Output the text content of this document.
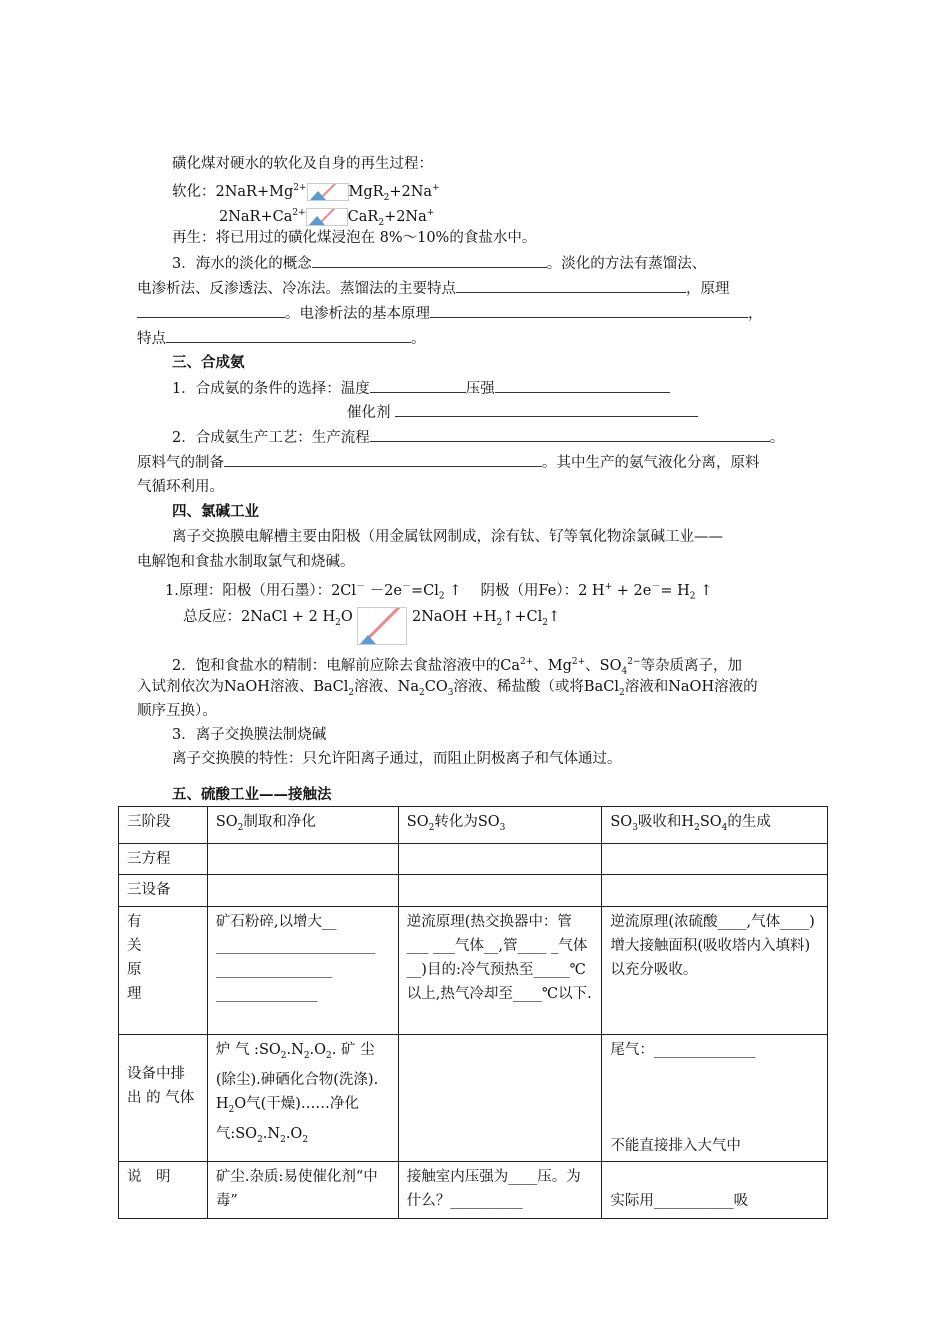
磺化煤对硬水的软化及自身的再生过程：
软化：$2NaR+Mg^{2+}$	MgR$_2$+2Na+
$2NaR+Ca^{2+}$	CaR$_2$+2Na+
再生：将已用过的磺化煤浸泡在 8%～10%的食盐水中。
3．海水的淡化的概念	。淡化的方法有蒸馏法、
电渗析法、反渗透法、冷冻法。蒸馏法的主要特点	，原理
。电渗析法的基本原理	，
特点	。
三、合成氨
1．合成氨的条件的选择：温度	压强
催化剂
2．合成氨生产工艺：生产流程	。
原料气的制备	。其中生产的氨气液化分离，原料
气循环利用。
四、氯碱工业
离子交换膜电解槽主要由阳极（用金属钛网制成，涂有钛、钌等氧化物涂氯碱工业——
电解饱和食盐水制取氯气和烧碱。
1.原理：阳极（用石墨）：$2Cl^- -2e^-=Cl_2$ ↑　 阴极（用Fe）：2 $H^+ + 2e^-= H_2$ ↑
总反应：2NaCl + 2 $H_2O$	2NaOH $+H_2↑+Cl_2↑$
2．饱和食盐水的精制：电解前应除去食盐溶液中的$Ca^{2+}$、$Mg^{2+}$、$SO_4^{2-}$等杂质离子，加
入试剂依次为NaOH溶液、BaCl$_2$溶液、$Na_2CO_3$溶液、稀盐酸（或将BaCl$_2$溶液和NaOH溶液的
顺序互换）。
3．离子交换膜法制烧碱
离子交换膜的特性：只允许阳离子通过，而阻止阴极离子和气体通过。
五、硫酸工业——接触法
三阶段	$SO_2$制取和净化	$SO_2$转化为$SO_3$	$SO_3$吸收和$H_2SO_4$的生成
三方程			
三设备			
有
关
原
理	矿石粉碎,以增大__
______________________
________________
______________	逆流原理(热交换器中：管___ ___气体__,管____ _气体__)目的:冷气预热至_____℃以上,热气冷却至____℃以下.	逆流原理(浓硫酸____,气体____)增大接触面积(吸收塔内入填料)以充分吸收。

设备中排出 的 气体	炉 气 $:SO_2.N_2.O_2$. 矿 尘(除尘).砷硒化合物(洗涤). $H_2O$气(干燥)……净化气$:SO_2.N_2.O_2$		尾气：______________

不能直接排入大气中
说　明	矿尘.杂质:易使催化剂“中毒”	接触室内压强为____压。为什么？__________	实际用___________吸
